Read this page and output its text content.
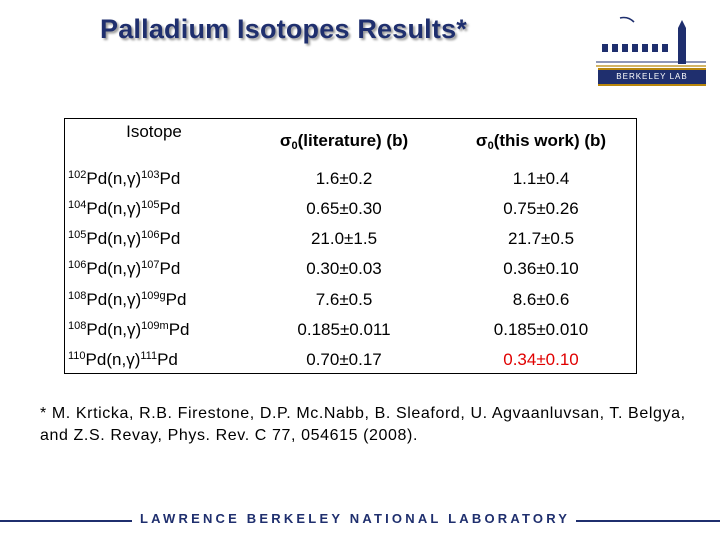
Palladium Isotopes Results*
BERKELEY LAB
Isotope	$\sigma_0(literature)$ (b)	$\sigma_0(this$ work) (b)
$^{102}Pd(n,\gamma)^{103}Pd$	1.6±0.2	1.1±0.4
$^{104}Pd(n,\gamma)^{105}Pd$	0.65±0.30	0.75±0.26
$^{105}Pd(n,\gamma)^{106}Pd$	21.0±1.5	21.7±0.5
$^{106}Pd(n,\gamma)^{107}Pd$	0.30±0.03	0.36±0.10
$^{108}Pd(n,\gamma)^{109g}Pd$	7.6±0.5	8.6±0.6
$^{108}Pd(n,\gamma)^{109m}Pd$	0.185±0.011	0.185±0.010
$^{110}Pd(n,\gamma)^{111}Pd$	0.70±0.17	0.34±0.10
* M. Krticka, R.B. Firestone, D.P. Mc.Nabb, B. Sleaford, U. Agvaanluvsan, T. Belgya, and Z.S. Revay, Phys. Rev. C 77, 054615 (2008).
LAWRENCE BERKELEY NATIONAL LABORATORY
